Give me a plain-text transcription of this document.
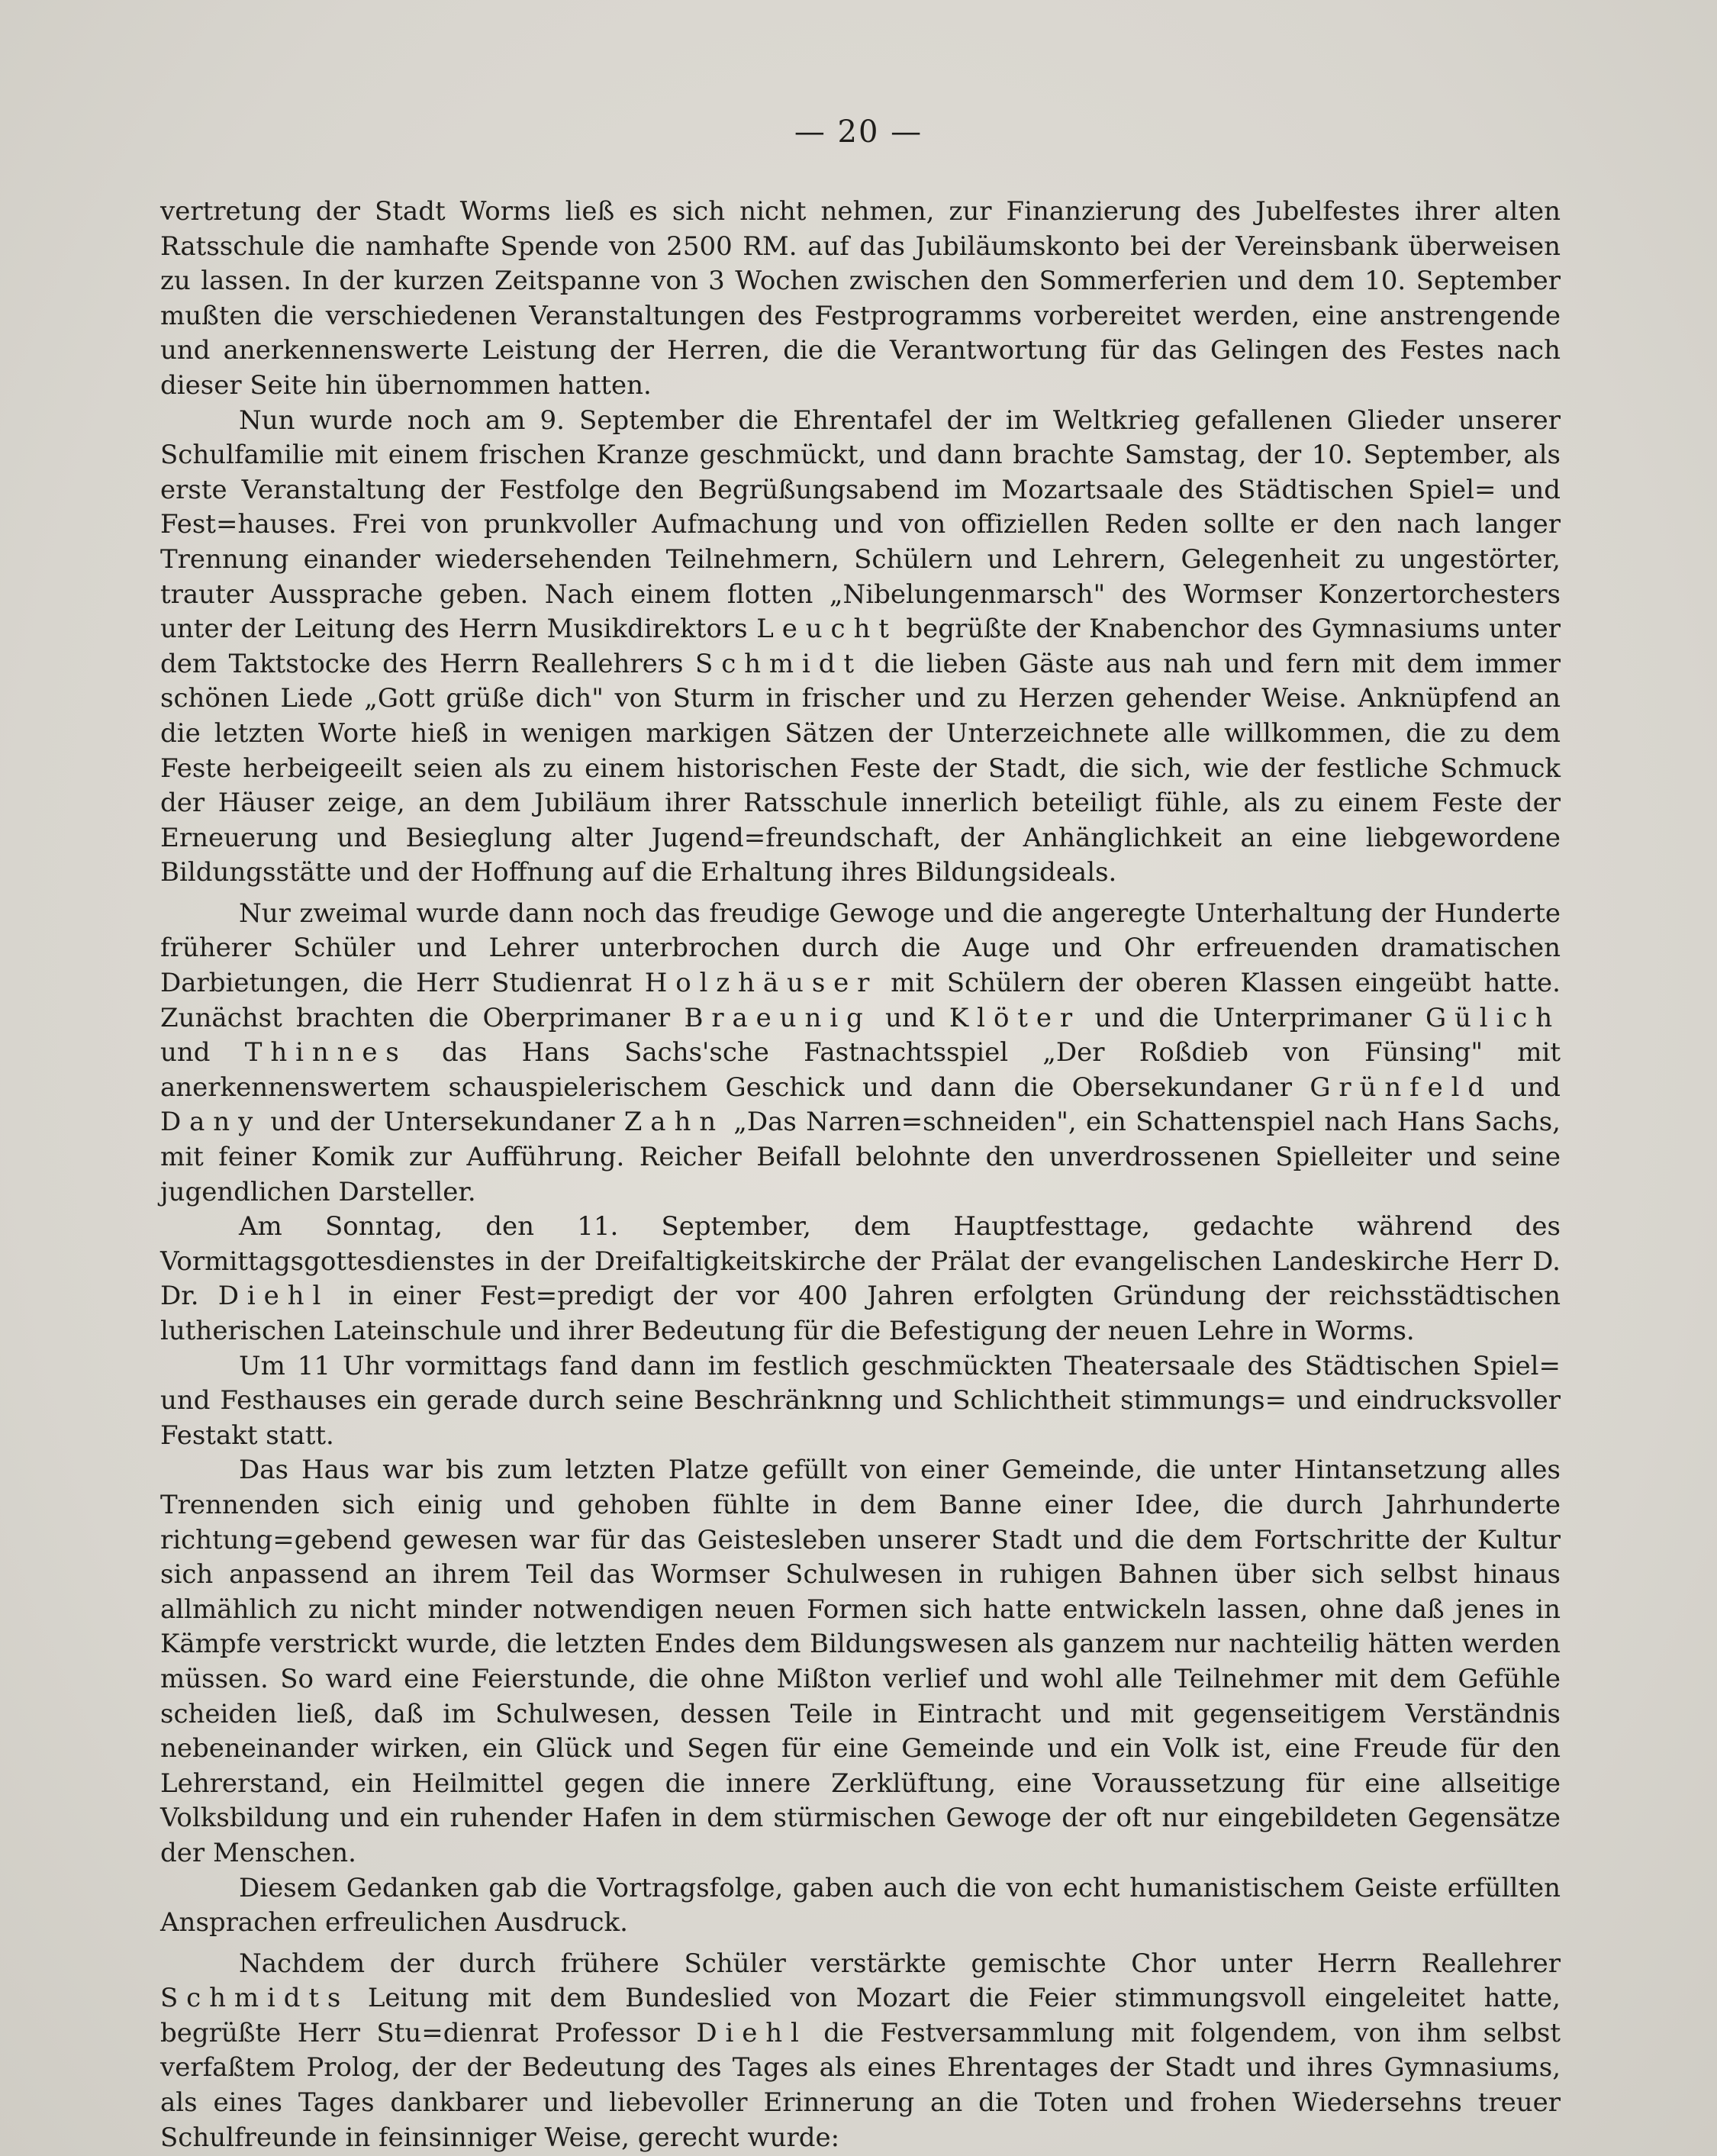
— 20 —

vertretung der Stadt Worms ließ es sich nicht nehmen, zur Finanzierung des Jubelfestes ihrer alten Ratsschule die namhafte Spende von 2500 RM. auf das Jubiläumskonto bei der Vereinsbank überweisen zu lassen. In der kurzen Zeitspanne von 3 Wochen zwischen den Sommerferien und dem 10. September mußten die verschiedenen Veranstaltungen des Festprogramms vorbereitet werden, eine anstrengende und anerkennenswerte Leistung der Herren, die die Verantwortung für das Gelingen des Festes nach dieser Seite hin übernommen hatten.

Nun wurde noch am 9. September die Ehrentafel der im Weltkrieg gefallenen Glieder unserer Schulfamilie mit einem frischen Kranze geschmückt, und dann brachte Samstag, der 10. September, als erste Veranstaltung der Festfolge den Begrüßungsabend im Mozartsaale des Städtischen Spiel= und Fest=hauses. Frei von prunkvoller Aufmachung und von offiziellen Reden sollte er den nach langer Trennung einander wiedersehenden Teilnehmern, Schülern und Lehrern, Gelegenheit zu ungestörter, trauter Aussprache geben. Nach einem flotten „Nibelungenmarsch" des Wormser Konzertorchesters unter der Leitung des Herrn Musikdirektors Leucht begrüßte der Knabenchor des Gymnasiums unter dem Taktstocke des Herrn Reallehrers Schmidt die lieben Gäste aus nah und fern mit dem immer schönen Liede „Gott grüße dich" von Sturm in frischer und zu Herzen gehender Weise. Anknüpfend an die letzten Worte hieß in wenigen markigen Sätzen der Unterzeichnete alle willkommen, die zu dem Feste herbeigeeilt seien als zu einem historischen Feste der Stadt, die sich, wie der festliche Schmuck der Häuser zeige, an dem Jubiläum ihrer Ratsschule innerlich beteiligt fühle, als zu einem Feste der Erneuerung und Besieglung alter Jugend=freundschaft, der Anhänglichkeit an eine liebgewordene Bildungsstätte und der Hoffnung auf die Erhaltung ihres Bildungsideals.

Nur zweimal wurde dann noch das freudige Gewoge und die angeregte Unterhaltung der Hunderte früherer Schüler und Lehrer unterbrochen durch die Auge und Ohr erfreuenden dramatischen Darbietungen, die Herr Studienrat Holzhäuser mit Schülern der oberen Klassen eingeübt hatte. Zunächst brachten die Oberprimaner Braeunig und Klöter und die Unterprimaner Gülich und Thinnes das Hans Sachs'sche Fastnachtsspiel „Der Roßdieb von Fünsing" mit anerkennenswertem schauspielerischem Geschick und dann die Obersekundaner Grünfeld und Dany und der Untersekundaner Zahn „Das Narren=schneiden", ein Schattenspiel nach Hans Sachs, mit feiner Komik zur Aufführung. Reicher Beifall belohnte den unverdrossenen Spielleiter und seine jugendlichen Darsteller.

Am Sonntag, den 11. September, dem Hauptfesttage, gedachte während des Vormittagsgottesdienstes in der Dreifaltigkeitskirche der Prälat der evangelischen Landeskirche Herr D. Dr. Diehl in einer Fest=predigt der vor 400 Jahren erfolgten Gründung der reichsstädtischen lutherischen Lateinschule und ihrer Bedeutung für die Befestigung der neuen Lehre in Worms.

Um 11 Uhr vormittags fand dann im festlich geschmückten Theatersaale des Städtischen Spiel= und Festhauses ein gerade durch seine Beschränknng und Schlichtheit stimmungs= und eindrucksvoller Festakt statt.

Das Haus war bis zum letzten Platze gefüllt von einer Gemeinde, die unter Hintansetzung alles Trennenden sich einig und gehoben fühlte in dem Banne einer Idee, die durch Jahrhunderte richtung=gebend gewesen war für das Geistesleben unserer Stadt und die dem Fortschritte der Kultur sich anpassend an ihrem Teil das Wormser Schulwesen in ruhigen Bahnen über sich selbst hinaus allmählich zu nicht minder notwendigen neuen Formen sich hatte entwickeln lassen, ohne daß jenes in Kämpfe verstrickt wurde, die letzten Endes dem Bildungswesen als ganzem nur nachteilig hätten werden müssen. So ward eine Feierstunde, die ohne Mißton verlief und wohl alle Teilnehmer mit dem Gefühle scheiden ließ, daß im Schulwesen, dessen Teile in Eintracht und mit gegenseitigem Verständnis nebeneinander wirken, ein Glück und Segen für eine Gemeinde und ein Volk ist, eine Freude für den Lehrerstand, ein Heilmittel gegen die innere Zerklüftung, eine Voraussetzung für eine allseitige Volksbildung und ein ruhender Hafen in dem stürmischen Gewoge der oft nur eingebildeten Gegensätze der Menschen.

Diesem Gedanken gab die Vortragsfolge, gaben auch die von echt humanistischem Geiste erfüllten Ansprachen erfreulichen Ausdruck.

Nachdem der durch frühere Schüler verstärkte gemischte Chor unter Herrn Reallehrer Schmidts Leitung mit dem Bundeslied von Mozart die Feier stimmungsvoll eingeleitet hatte, begrüßte Herr Stu=dienrat Professor Diehl die Festversammlung mit folgendem, von ihm selbst verfaßtem Prolog, der der Bedeutung des Tages als eines Ehrentages der Stadt und ihres Gymnasiums, als eines Tages dankbarer und liebevoller Erinnerung an die Toten und frohen Wiedersehns treuer Schulfreunde in feinsinniger Weise, gerecht wurde:
